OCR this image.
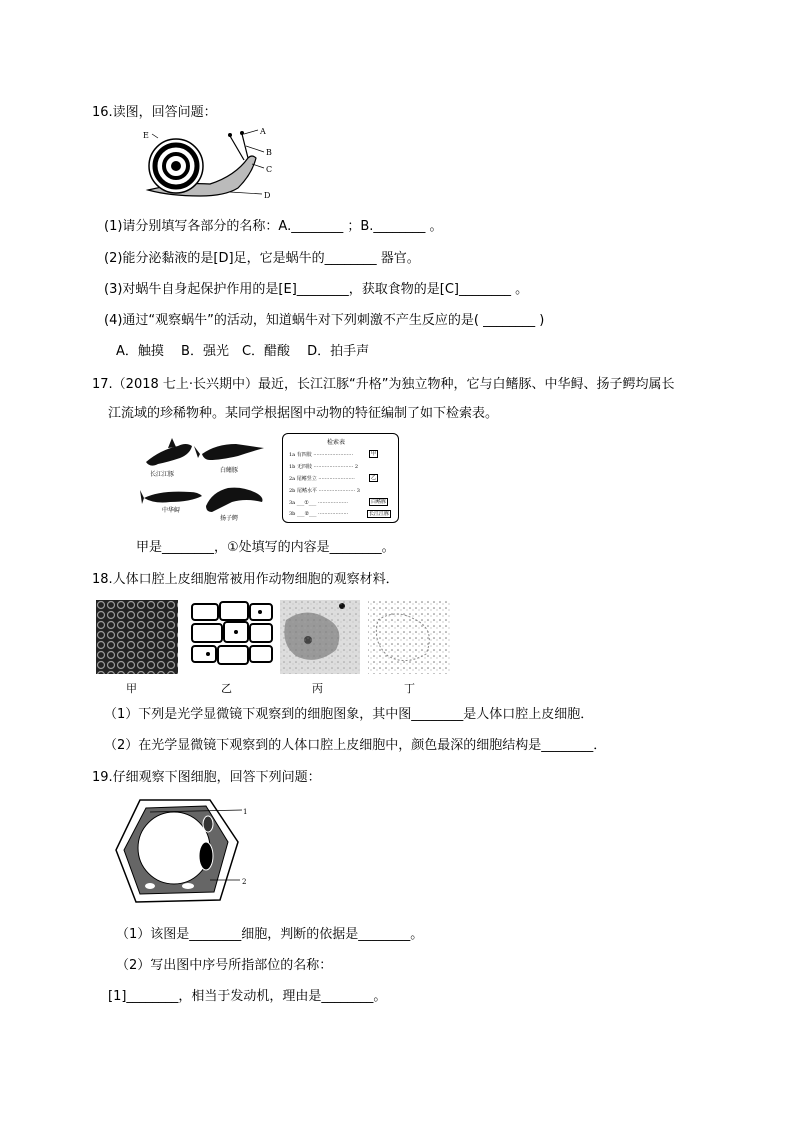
16.读图，回答问题：
A
B
C
D
E
(1)请分别填写各部分的名称：A.________ ；B.________ 。
(2)能分泌黏液的是[D]足，它是蜗牛的________ 器官。
(3)对蜗牛自身起保护作用的是[E]________，获取食物的是[C]________ 。
(4)通过“观察蜗牛”的活动，知道蜗牛对下列刺激不产生反应的是( ________ )
A．触摸　 B．强光　C．醋酸　 D．拍手声
17.（2018 七上·长兴期中）最近，长江江豚“升格”为独立物种，它与白鳍豚、中华鲟、扬子鳄均属长
江流域的珍稀物种。某同学根据图中动物的特征编制了如下检索表。
长江江豚
白鳍豚
中华鲟
扬子鳄
检索表
1a 有四肢 ·························
1b 无四肢 ························· 2
2a 尾鳍竖立 ·······················
2b 尾鳍水平 ······················· 3
3a ___①___ ···················
3b ___②___ ···················
甲
乙
白鳍豚
长江江豚
甲是________，①处填写的内容是________。
18.人体口腔上皮细胞常被用作动物细胞的观察材料．
甲	乙	丙	丁
（1）下列是光学显微镜下观察到的细胞图象，其中图________是人体口腔上皮细胞．
（2）在光学显微镜下观察到的人体口腔上皮细胞中，颜色最深的细胞结构是________．
19.仔细观察下图细胞，回答下列问题：
1
2
（1）该图是________细胞，判断的依据是________。
（2）写出图中序号所指部位的名称：
[1]________，相当于发动机，理由是________。
